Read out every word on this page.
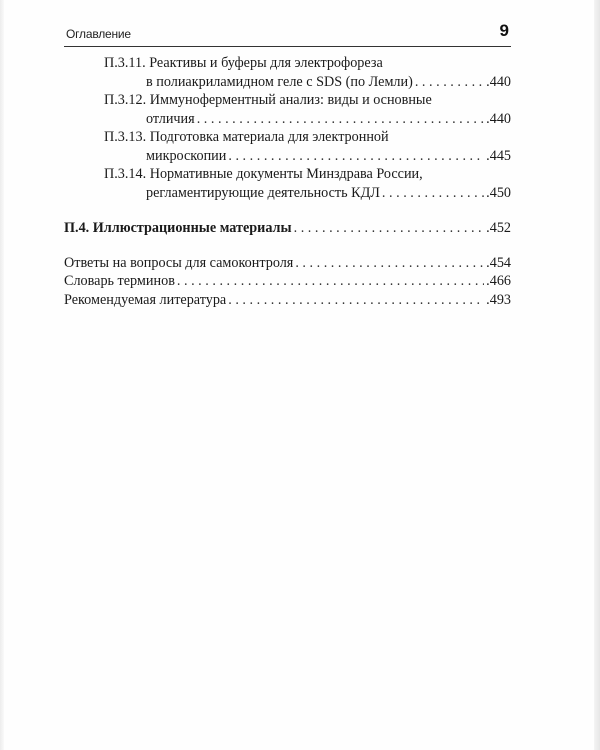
Оглавление	9
П.3.11. Реактивы и буферы для электрофореза
в полиакриламидном геле с SDS (по Лемли) . . .	.440
П.3.12. Иммуноферментный анализ: виды и основные
отличия . . .	.440
П.3.13. Подготовка материала для электронной
микроскопии . . .	.445
П.3.14. Нормативные документы Минздрава России,
регламентирующие деятельность КДЛ . . .	.450
П.4. Иллюстрационные материалы . . .	.452
Ответы на вопросы для самоконтроля . . .	.454
Словарь терминов . . .	.466
Рекомендуемая литература . . .	.493
